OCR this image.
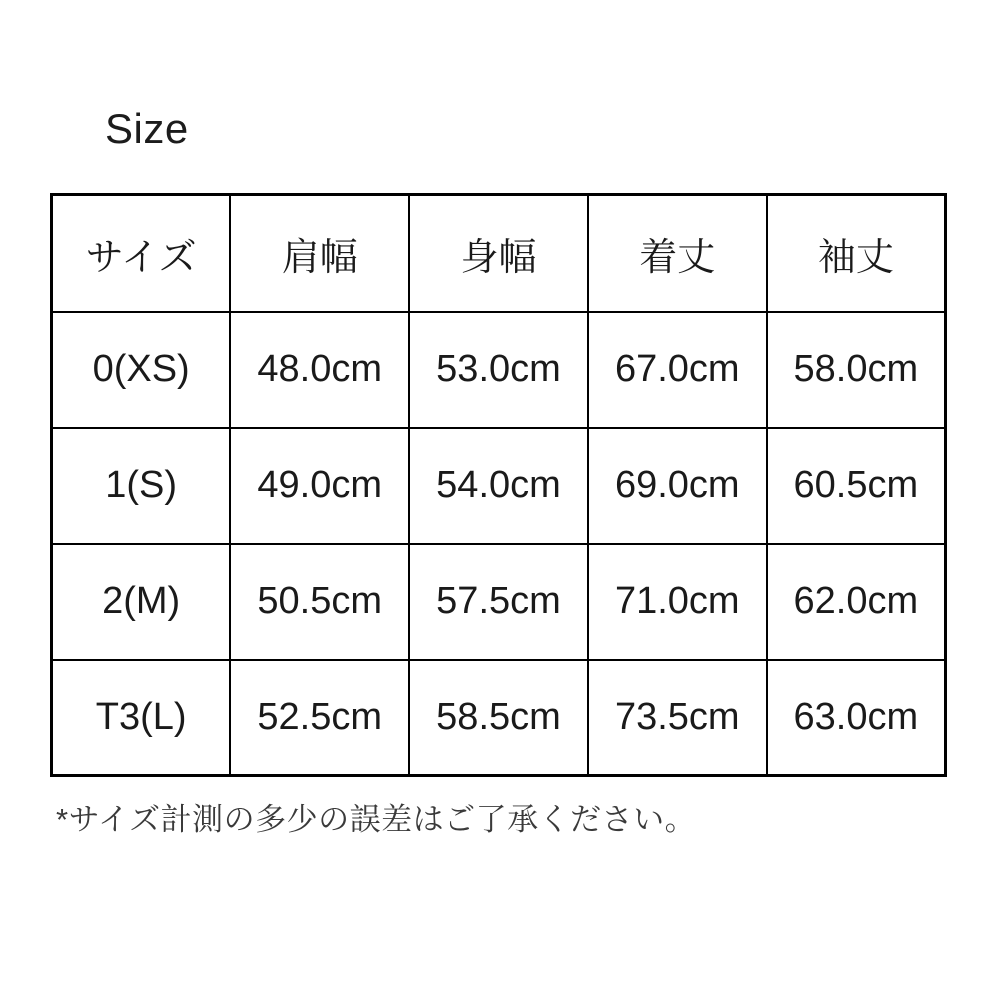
Size
サイズ	肩幅	身幅	着丈	袖丈
0(XS)	48.0cm	53.0cm	67.0cm	58.0cm
1(S)	49.0cm	54.0cm	69.0cm	60.5cm
2(M)	50.5cm	57.5cm	71.0cm	62.0cm
T3(L)	52.5cm	58.5cm	73.5cm	63.0cm

*サイズ計測の多少の誤差はご了承ください。
